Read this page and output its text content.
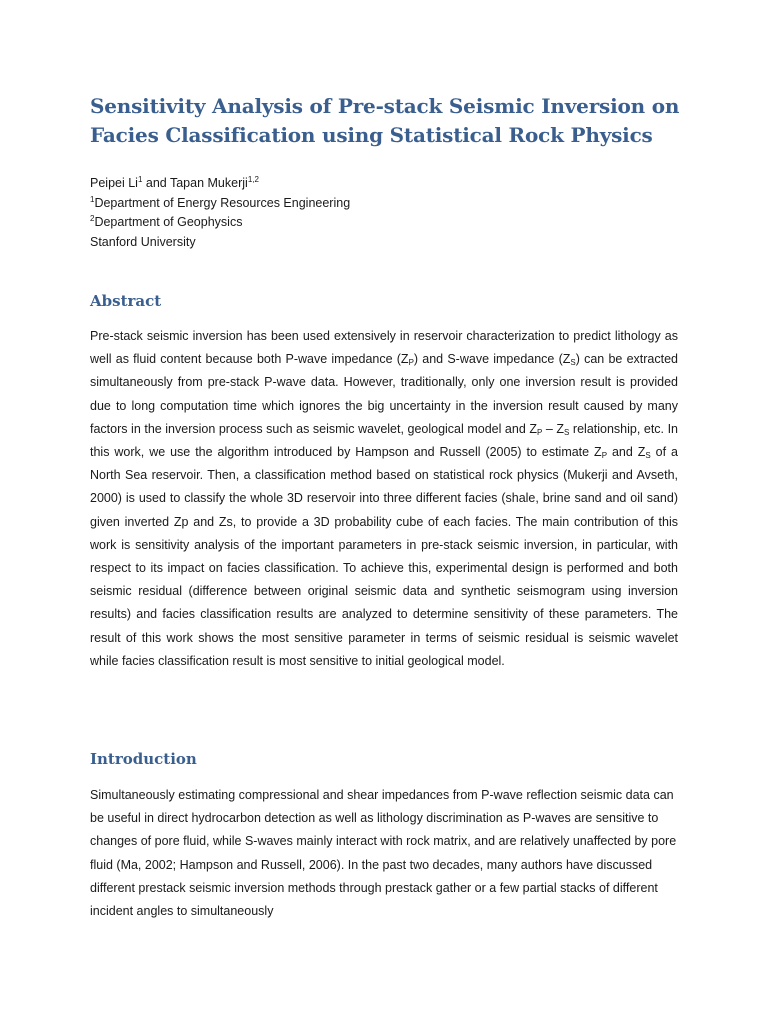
Sensitivity Analysis of Pre-stack Seismic Inversion on Facies Classification using Statistical Rock Physics
Peipei Li$^1$ and Tapan Mukerji$^{1,2}$
$^1$Department of Energy Resources Engineering
$^2$Department of Geophysics
Stanford University
Abstract

Pre-stack seismic inversion has been used extensively in reservoir characterization to predict lithology as well as fluid content because both P-wave impedance $(Z_P)$ and S-wave impedance $(Z_S)$ can be extracted simultaneously from pre-stack P-wave data. However, traditionally, only one inversion result is provided due to long computation time which ignores the big uncertainty in the inversion result caused by many factors in the inversion process such as seismic wavelet, geological model and $Z_P - Z_S$ relationship, etc. In this work, we use the algorithm introduced by Hampson and Russell (2005) to estimate $Z_P$ and $Z_S$ of a North Sea reservoir. Then, a classification method based on statistical rock physics (Mukerji and Avseth, 2000) is used to classify the whole 3D reservoir into three different facies (shale, brine sand and oil sand) given inverted Zp and Zs, to provide a 3D probability cube of each facies. The main contribution of this work is sensitivity analysis of the important parameters in pre-stack seismic inversion, in particular, with respect to its impact on facies classification. To achieve this, experimental design is performed and both seismic residual (difference between original seismic data and synthetic seismogram using inversion results) and facies classification results are analyzed to determine sensitivity of these parameters. The result of this work shows the most sensitive parameter in terms of seismic residual is seismic wavelet while facies classification result is most sensitive to initial geological model.

Introduction

Simultaneously estimating compressional and shear impedances from P-wave reflection seismic data can be useful in direct hydrocarbon detection as well as lithology discrimination as P-waves are sensitive to changes of pore fluid, while S-waves mainly interact with rock matrix, and are relatively unaffected by pore fluid (Ma, 2002; Hampson and Russell, 2006). In the past two decades, many authors have discussed different prestack seismic inversion methods through prestack gather or a few partial stacks of different incident angles to simultaneously
